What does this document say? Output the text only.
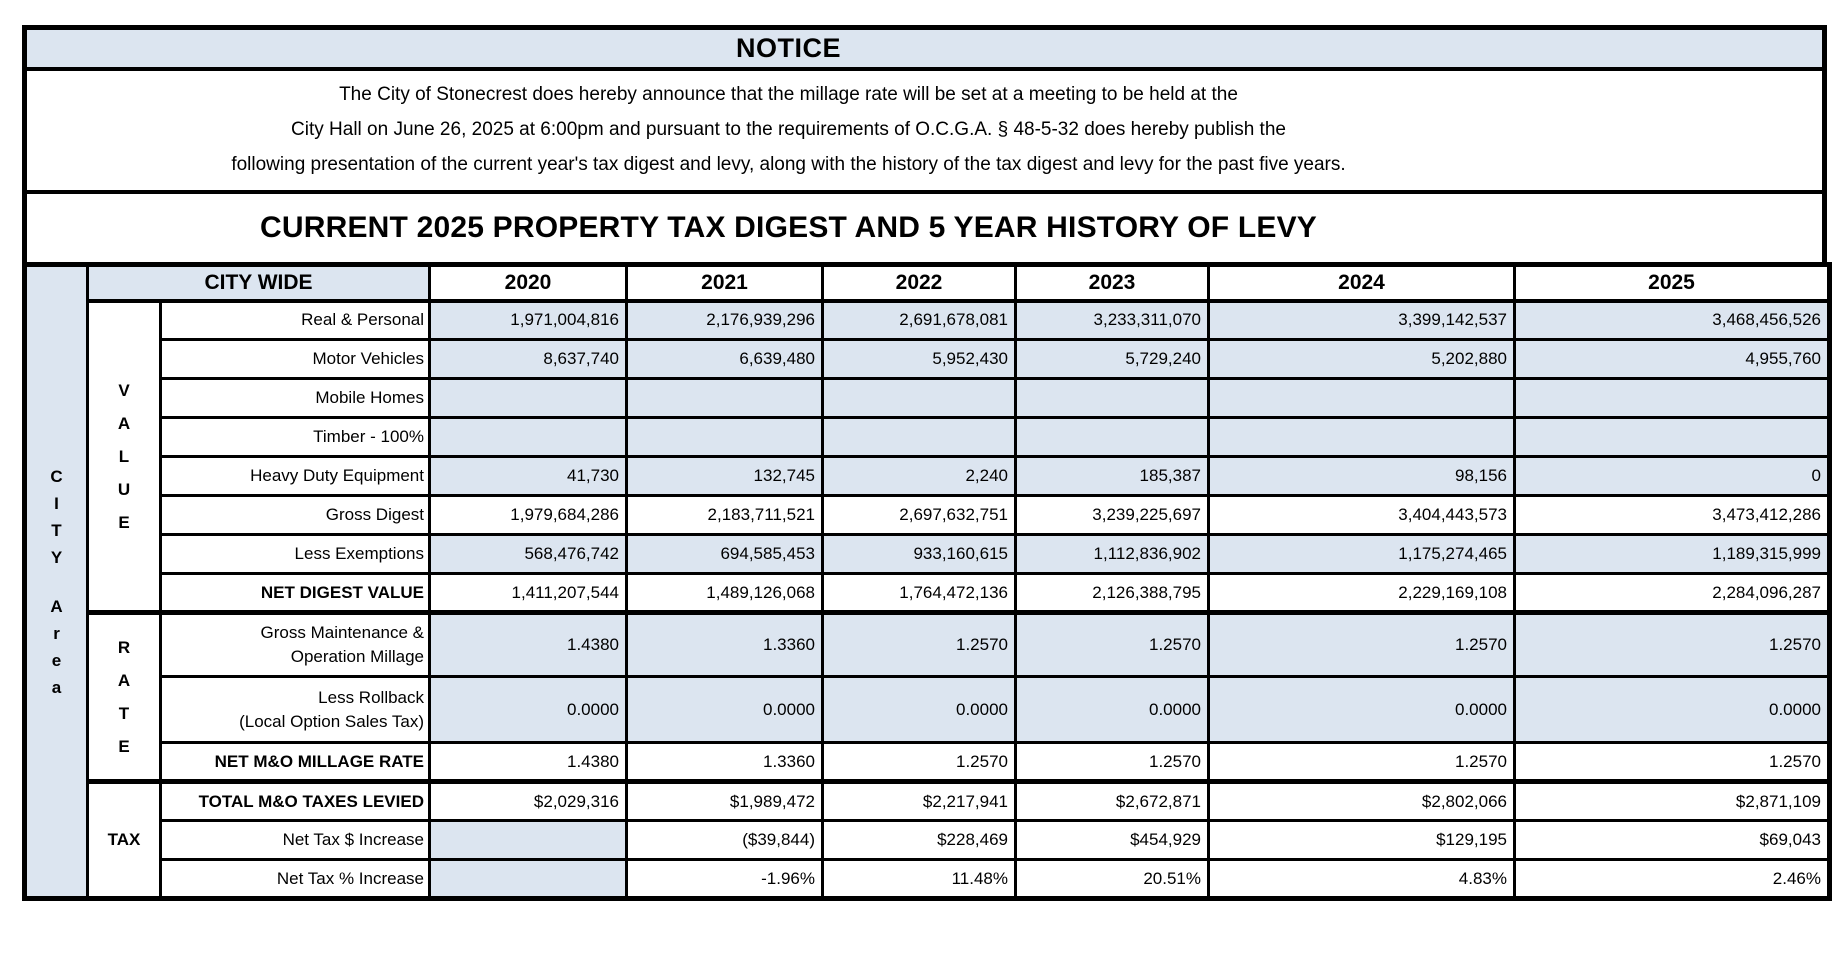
NOTICE
The City of Stonecrest does hereby announce that the millage rate will be set at a meeting to be held at the
City Hall on June 26, 2025 at 6:00pm and pursuant to the requirements of O.C.G.A. § 48-5-32 does hereby publish the
following presentation of the current year's tax digest and levy, along with the history of the tax digest and levy for the past five years.
CURRENT 2025 PROPERTY TAX DIGEST AND 5 YEAR HISTORY OF LEVY
C
I
T
Y
A
r
e
a
	CITY WIDE	2020	2021	2022	2023	2024	2025

	V
A
L
U
E	Real & Personal	1,971,004,816	2,176,939,296	2,691,678,081	3,233,311,070	3,399,142,537	3,468,456,526

		Motor Vehicles	8,637,740	6,639,480	5,952,430	5,729,240	5,202,880	4,955,760

		Mobile Homes						

		Timber - 100%						

		Heavy Duty Equipment	41,730	132,745	2,240	185,387	98,156	0

		Gross Digest	1,979,684,286	2,183,711,521	2,697,632,751	3,239,225,697	3,404,443,573	3,473,412,286

		Less Exemptions	568,476,742	694,585,453	933,160,615	1,112,836,902	1,175,274,465	1,189,315,999

		NET DIGEST VALUE	1,411,207,544	1,489,126,068	1,764,472,136	2,126,388,795	2,229,169,108	2,284,096,287

R
A
T
E

Gross Maintenance &
Operation Millage
	1.4380	1.3360	1.2570	1.2570	1.2570	1.2570

		Less Rollback
(Local Option Sales Tax)	0.0000	0.0000	0.0000	0.0000	0.0000	0.0000

		NET M&O MILLAGE RATE	1.4380	1.3360	1.2570	1.2570	1.2570	1.2570

	TAX	TOTAL M&O TAXES LEVIED	$2,029,316	$1,989,472	$2,217,941	$2,672,871	$2,802,066	$2,871,109

		Net Tax $ Increase		($39,844)	$228,469	$454,929	$129,195	$69,043

		Net Tax % Increase		-1.96%	11.48%	20.51%	4.83%	2.46%
